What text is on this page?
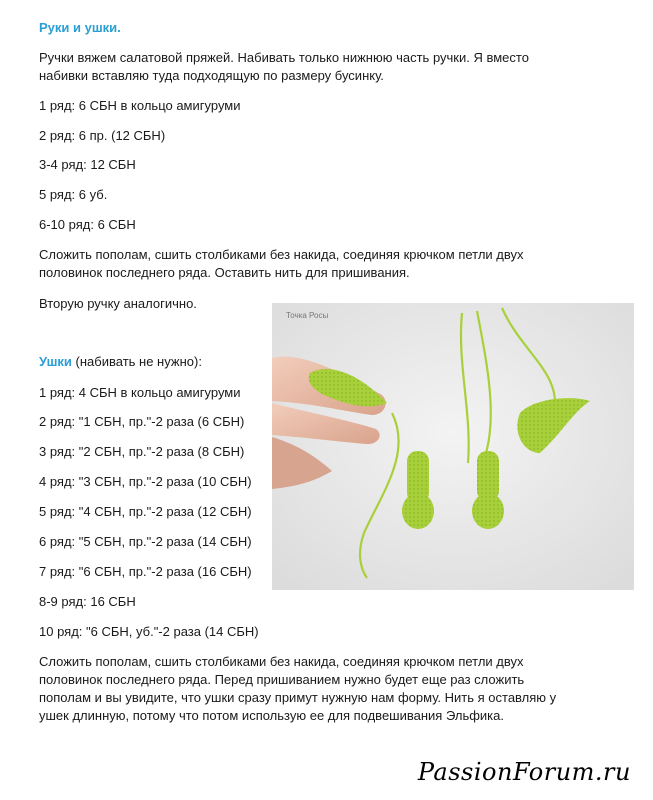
Руки и ушки.
Ручки вяжем салатовой пряжей. Набивать только нижнюю часть ручки. Я вместо
набивки вставляю туда подходящую по размеру бусинку.
1 ряд: 6 СБН в кольцо амигуруми
2 ряд: 6 пр. (12 СБН)
3-4 ряд: 12 СБН
5 ряд: 6 уб.
6-10 ряд: 6 СБН
Сложить пополам, сшить столбиками без накида, соединяя крючком петли двух
половинок последнего ряда. Оставить нить для пришивания.
Вторую ручку аналогично.
Ушки (набивать не нужно):
1 ряд: 4 СБН в кольцо амигуруми
2 ряд: "1 СБН, пр."-2 раза (6 СБН)
3 ряд: "2 СБН, пр."-2 раза (8 СБН)
4 ряд: "3 СБН, пр."-2 раза (10 СБН)
5 ряд: "4 СБН, пр."-2 раза (12 СБН)
6 ряд: "5 СБН, пр."-2 раза (14 СБН)
7 ряд: "6 СБН, пр."-2 раза (16 СБН)
8-9 ряд: 16 СБН
10 ряд: "6 СБН, уб."-2 раза (14 СБН)
Сложить пополам, сшить столбиками без накида, соединяя крючком петли двух
половинок последнего ряда. Перед пришиванием нужно будет еще раз сложить
пополам и вы увидите, что ушки сразу примут нужную нам форму. Нить я оставляю у
ушек длинную, потому что потом использую ее для подвешивания Эльфика.
Точка Росы
PassionForum.ru
